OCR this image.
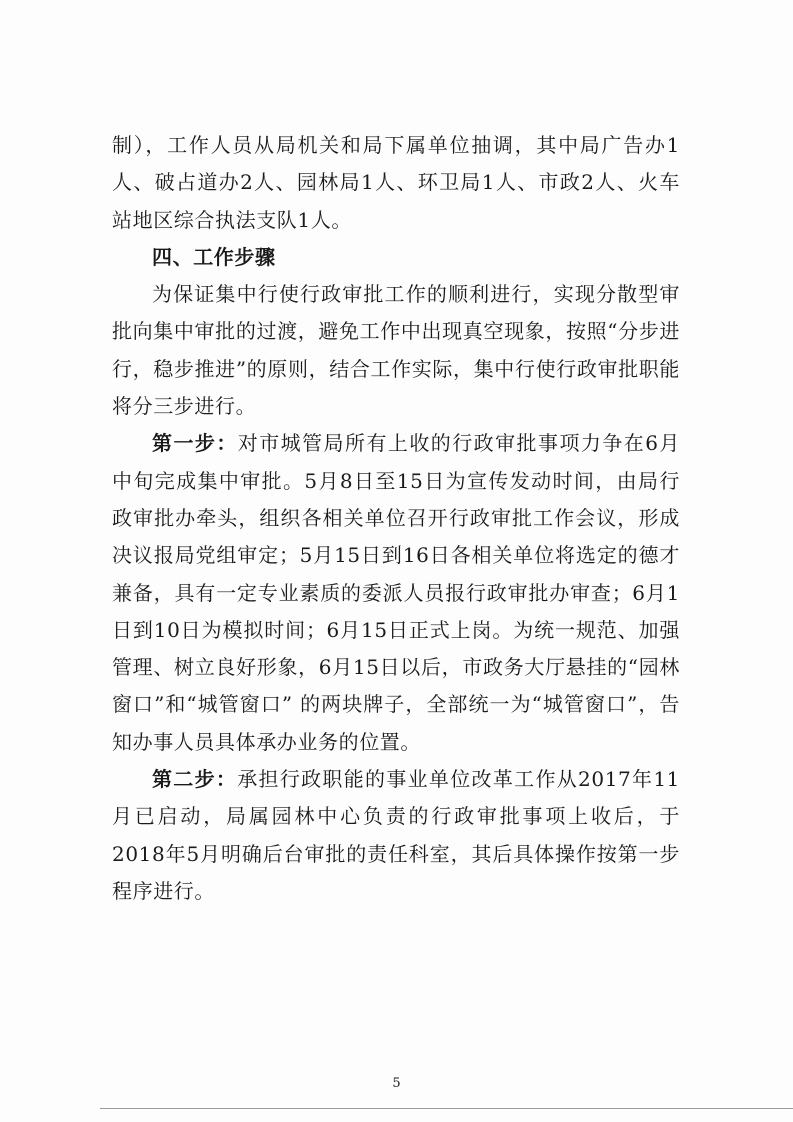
制），工作人员从局机关和局下属单位抽调，其中局广告办1人、破占道办2人、园林局1人、环卫局1人、市政2人、火车站地区综合执法支队1人。

四、工作步骤

为保证集中行使行政审批工作的顺利进行，实现分散型审批向集中审批的过渡，避免工作中出现真空现象，按照“分步进行，稳步推进”的原则，结合工作实际，集中行使行政审批职能将分三步进行。

第一步：对市城管局所有上收的行政审批事项力争在6月中旬完成集中审批。5月8日至15日为宣传发动时间，由局行政审批办牵头，组织各相关单位召开行政审批工作会议，形成决议报局党组审定；5月15日到16日各相关单位将选定的德才兼备，具有一定专业素质的委派人员报行政审批办审查；6月1日到10日为模拟时间；6月15日正式上岗。为统一规范、加强管理、树立良好形象，6月15日以后，市政务大厅悬挂的“园林窗口”和“城管窗口” 的两块牌子，全部统一为“城管窗口”，告知办事人员具体承办业务的位置。

第二步：承担行政职能的事业单位改革工作从2017年11月已启动，局属园林中心负责的行政审批事项上收后，于2018年5月明确后台审批的责任科室，其后具体操作按第一步程序进行。

5
